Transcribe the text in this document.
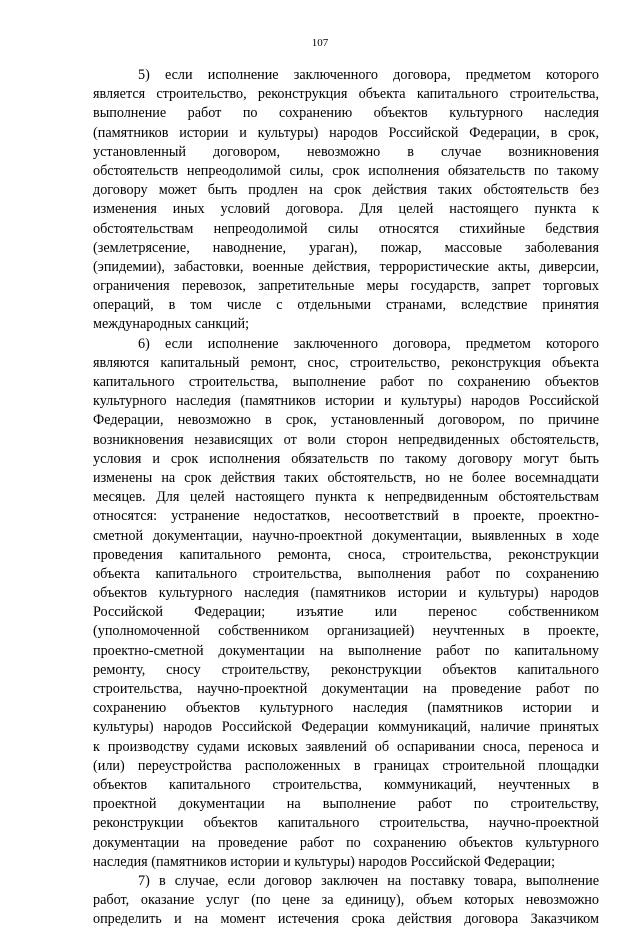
107
5) если исполнение заключенного договора, предметом которого
является строительство, реконструкция объекта капитального строительства,
выполнение работ по сохранению объектов культурного наследия
(памятников истории и культуры) народов Российской Федерации, в срок,
установленный договором, невозможно в случае возникновения
обстоятельств непреодолимой силы, срок исполнения обязательств по такому
договору может быть продлен на срок действия таких обстоятельств без
изменения иных условий договора. Для целей настоящего пункта к
обстоятельствам непреодолимой силы относятся стихийные бедствия
(землетрясение, наводнение, ураган), пожар, массовые заболевания
(эпидемии), забастовки, военные действия, террористические акты, диверсии,
ограничения перевозок, запретительные меры государств, запрет торговых
операций, в том числе с отдельными странами, вследствие принятия
международных санкций;
6) если исполнение заключенного договора, предметом которого
являются капитальный ремонт, снос, строительство, реконструкция объекта
капитального строительства, выполнение работ по сохранению объектов
культурного наследия (памятников истории и культуры) народов Российской
Федерации, невозможно в срок, установленный договором, по причине
возникновения независящих от воли сторон непредвиденных обстоятельств,
условия и срок исполнения обязательств по такому договору могут быть
изменены на срок действия таких обстоятельств, но не более восемнадцати
месяцев. Для целей настоящего пункта к непредвиденным обстоятельствам
относятся: устранение недостатков, несоответствий в проекте, проектно-
сметной документации, научно-проектной документации, выявленных в ходе
проведения капитального ремонта, сноса, строительства, реконструкции
объекта капитального строительства, выполнения работ по сохранению
объектов культурного наследия (памятников истории и культуры) народов
Российской Федерации; изъятие или перенос собственником
(уполномоченной собственником организацией) неучтенных в проекте,
проектно-сметной документации на выполнение работ по капитальному
ремонту, сносу строительству, реконструкции объектов капитального
строительства, научно-проектной документации на проведение работ по
сохранению объектов культурного наследия (памятников истории и
культуры) народов Российской Федерации коммуникаций, наличие принятых
к производству судами исковых заявлений об оспаривании сноса, переноса и
(или) переустройства расположенных в границах строительной площадки
объектов капитального строительства, коммуникаций, неучтенных в
проектной документации на выполнение работ по строительству,
реконструкции объектов капитального строительства, научно-проектной
документации на проведение работ по сохранению объектов культурного
наследия (памятников истории и культуры) народов Российской Федерации;
7) в случае, если договор заключен на поставку товара, выполнение
работ, оказание услуг (по цене за единицу), объем которых невозможно
определить и на момент истечения срока действия договора Заказчиком
